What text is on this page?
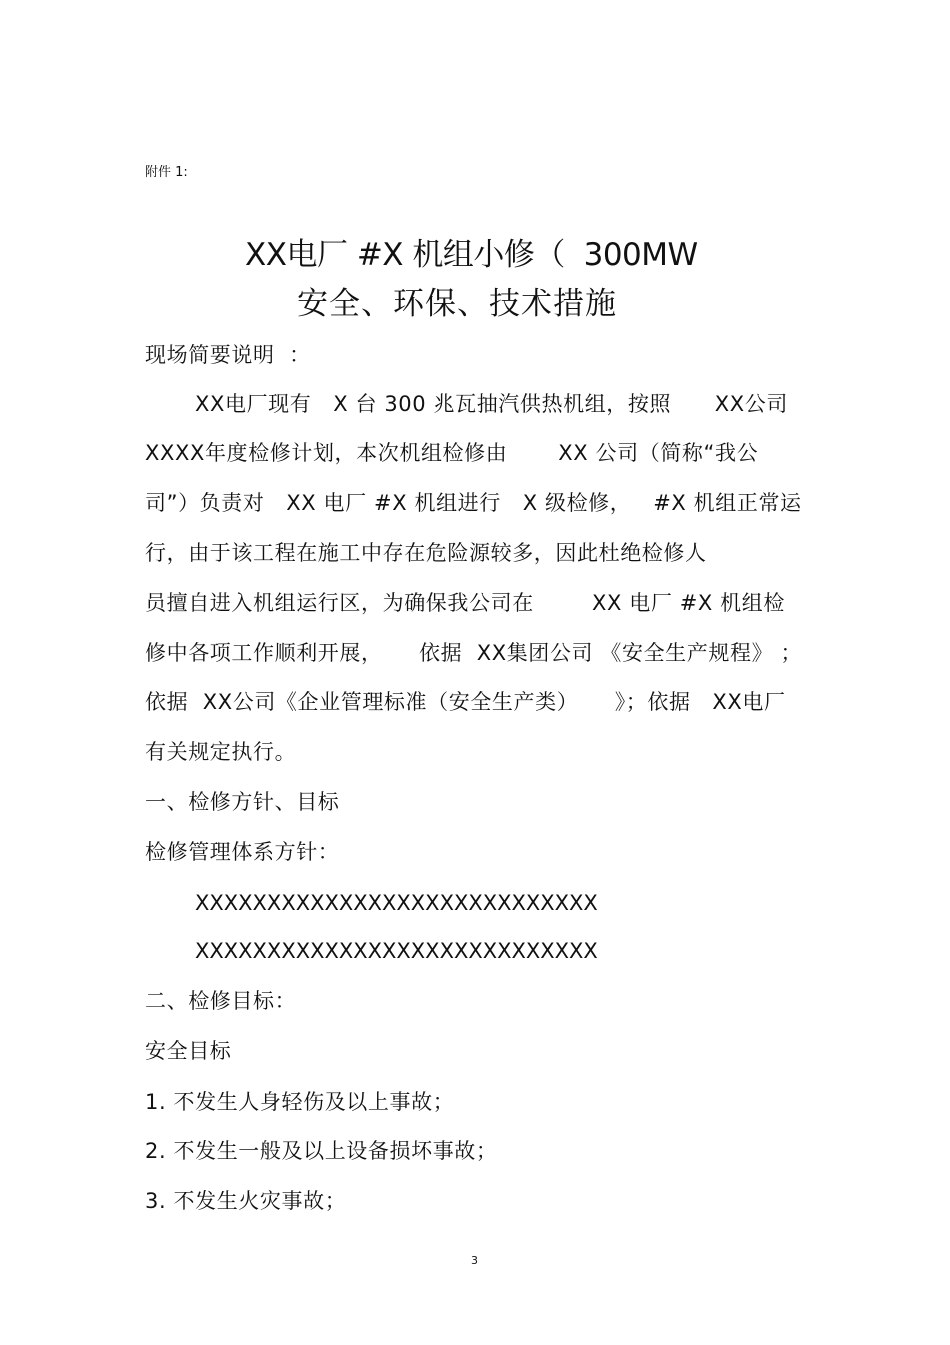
附件 1:
XX电厂 #X 机组小修（  300MW
安全、环保、技术措施
现场简要说明  ：
XX电厂现有   X 台 300 兆瓦抽汽供热机组，按照      XX公司
XXXX年度检修计划，本次机组检修由       XX 公司（简称“我公
司”）负责对   XX 电厂 #X 机组进行   X 级检修，   #X 机组正常运
行，由于该工程在施工中存在危险源较多，因此杜绝检修人
员擅自进入机组运行区，为确保我公司在        XX 电厂 #X 机组检
修中各项工作顺利开展，     依据  XX集团公司 《安全生产规程》 ；
依据  XX公司《企业管理标准（安全生产类）     》；依据   XX电厂
有关规定执行。
一、检修方针、目标
检修管理体系方针：
XXXXXXXXXXXXXXXXXXXXXXXXXXXX
XXXXXXXXXXXXXXXXXXXXXXXXXXXX
二、检修目标：
安全目标
1. 不发生人身轻伤及以上事故；
2. 不发生一般及以上设备损坏事故；
3. 不发生火灾事故；
3
